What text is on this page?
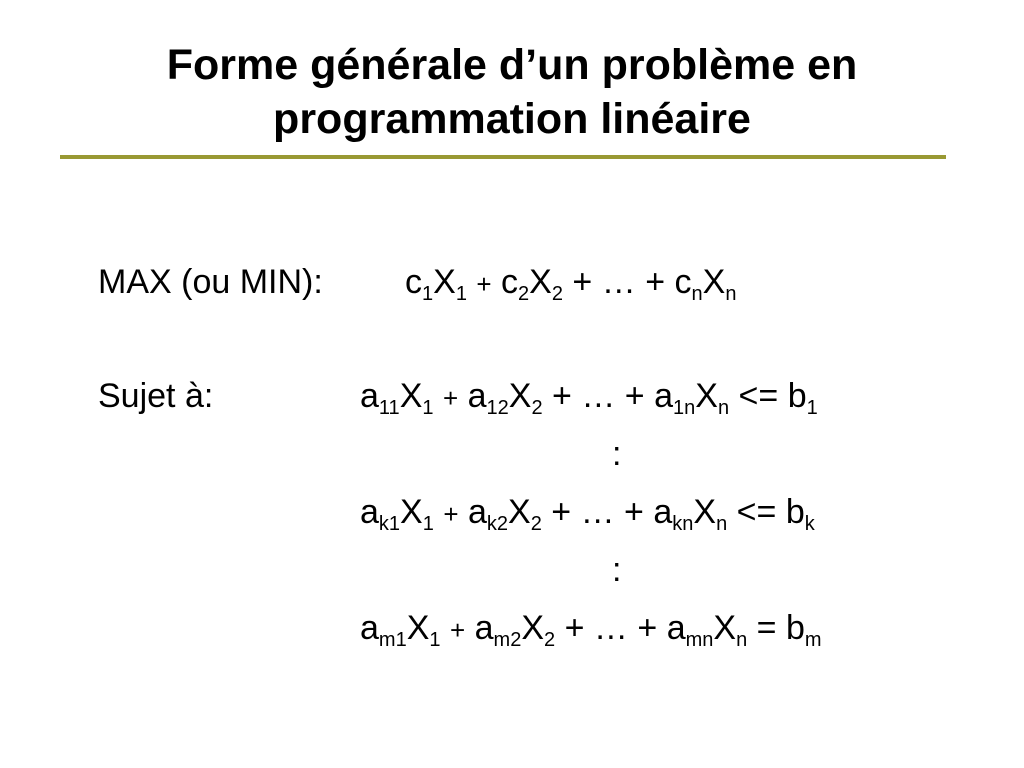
Forme générale d’un problème en
programmation linéaire
MAX (ou MIN): $c_1X_1 + c_2X_2$ + … + $c_nX_n$
Sujet à:	$a_{11}X_1 + a_{12}X_2$ + … + $a_{1n}X_n <= b_1$
:
$a_{k1}X_1 + a_{k2}X_2$ + … + $a_{kn}X_n <= b_k$
:
$a_{m1}X_1 + a_{m2}X_2$ + … + $a_{mn}X_n = b_m$
